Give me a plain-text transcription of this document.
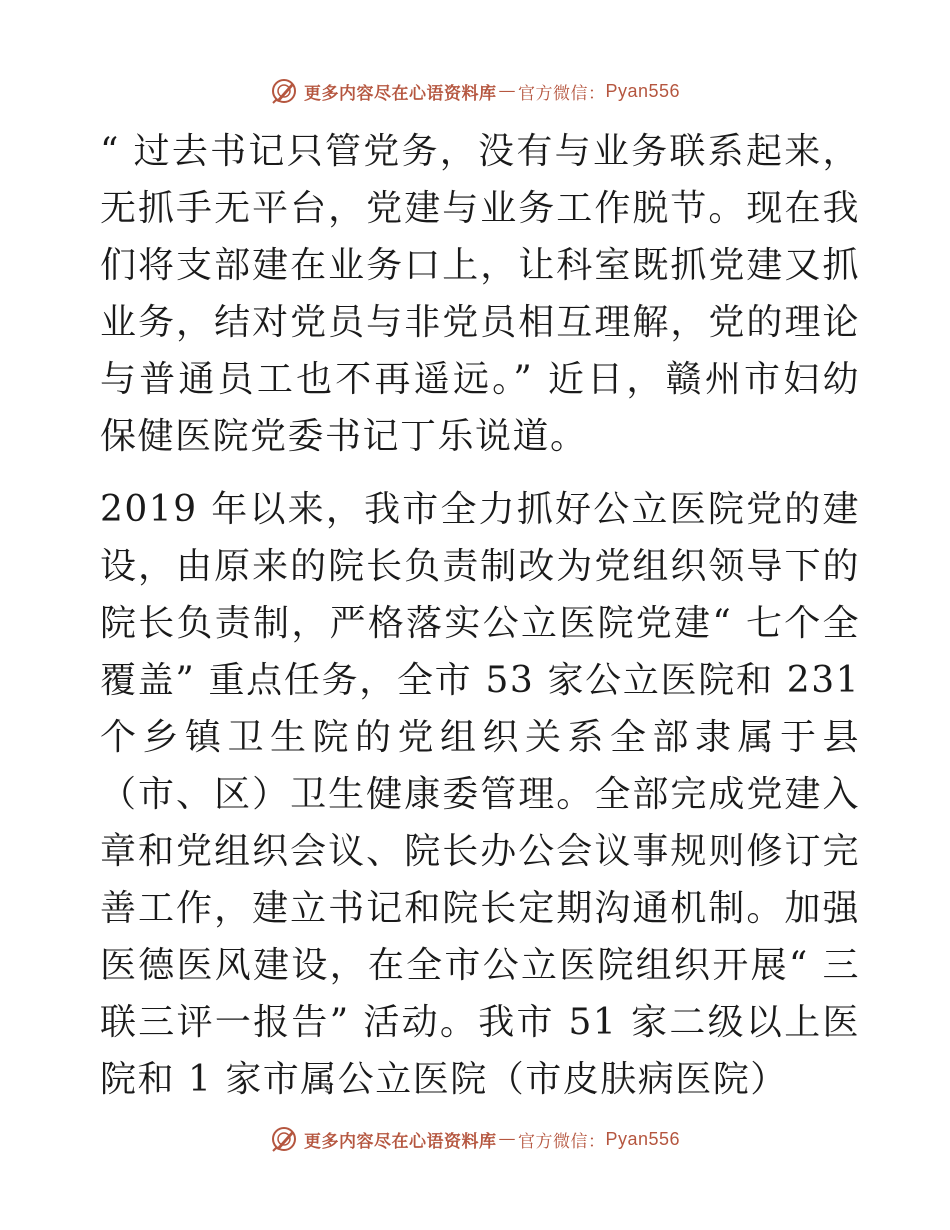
更多内容尽在心语资料库 — 官方微信： Pyan556

“ 过去书记只管党务，没有与业务联系起来，无抓手无平台，党建与业务工作脱节。现在我们将支部建在业务口上，让科室既抓党建又抓业务，结对党员与非党员相互理解，党的理论与普通员工也不再遥远。” 近日，赣州市妇幼保健医院党委书记丁乐说道。

2019 年以来，我市全力抓好公立医院党的建设，由原来的院长负责制改为党组织领导下的院长负责制，严格落实公立医院党建“ 七个全覆盖” 重点任务，全市 53 家公立医院和 231 个乡镇卫生院的党组织关系全部隶属于县（市、区）卫生健康委管理。全部完成党建入章和党组织会议、院长办公会议事规则修订完善工作，建立书记和院长定期沟通机制。加强医德医风建设，在全市公立医院组织开展“ 三联三评一报告” 活动。我市 51 家二级以上医院和 1 家市属公立医院（市皮肤病医院）

更多内容尽在心语资料库 — 官方微信： Pyan556
